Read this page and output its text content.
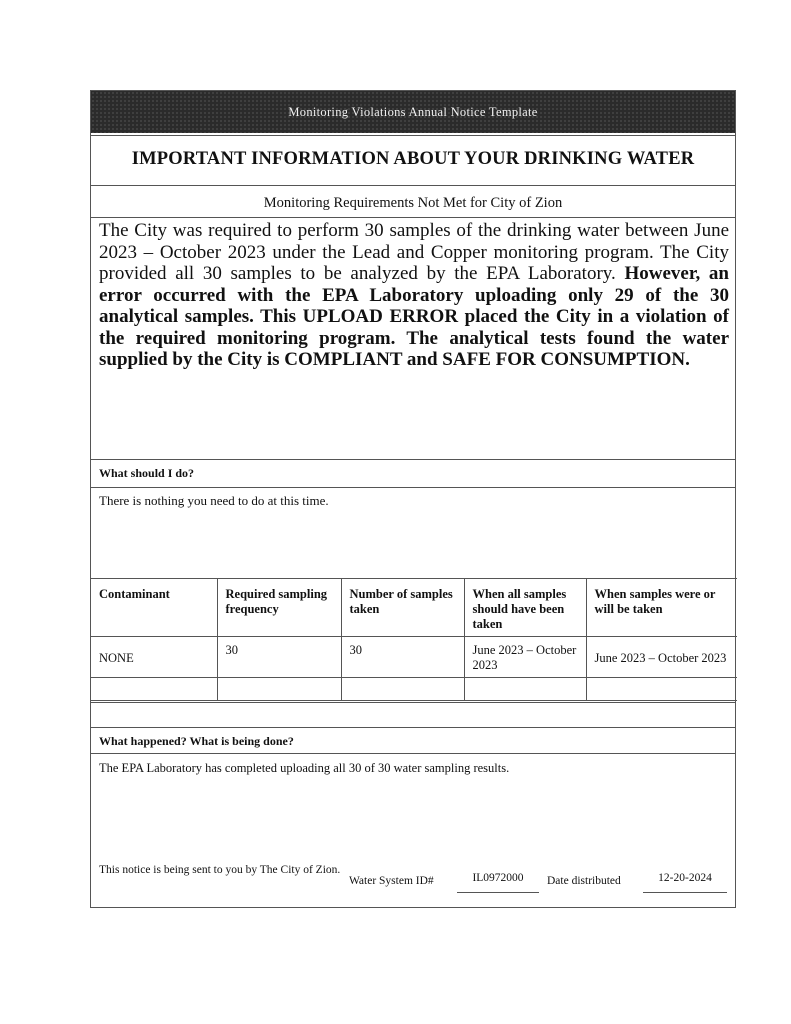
Monitoring Violations Annual Notice Template
IMPORTANT INFORMATION ABOUT YOUR DRINKING WATER
Monitoring Requirements Not Met for City of Zion
The City was required to perform 30 samples of the drinking water between June 2023 – October 2023 under the Lead and Copper monitoring program. The City provided all 30 samples to be analyzed by the EPA Laboratory. However, an error occurred with the EPA Laboratory uploading only 29 of the 30 analytical samples. This UPLOAD ERROR placed the City in a violation of the required monitoring program. The analytical tests found the water supplied by the City is COMPLIANT and SAFE FOR CONSUMPTION.
What should I do?
There is nothing you need to do at this time.
Contaminant	Required sampling frequency	Number of samples taken	When all samples should have been taken	When samples were or will be taken
NONE	30	30	June 2023 – October 2023	June 2023 – October 2023

What happened? What is being done?
The EPA Laboratory has completed uploading all 30 of 30 water sampling results.
This notice is being sent to you by The City of Zion.
Water System ID#	IL0972000	Date distributed	12-20-2024
